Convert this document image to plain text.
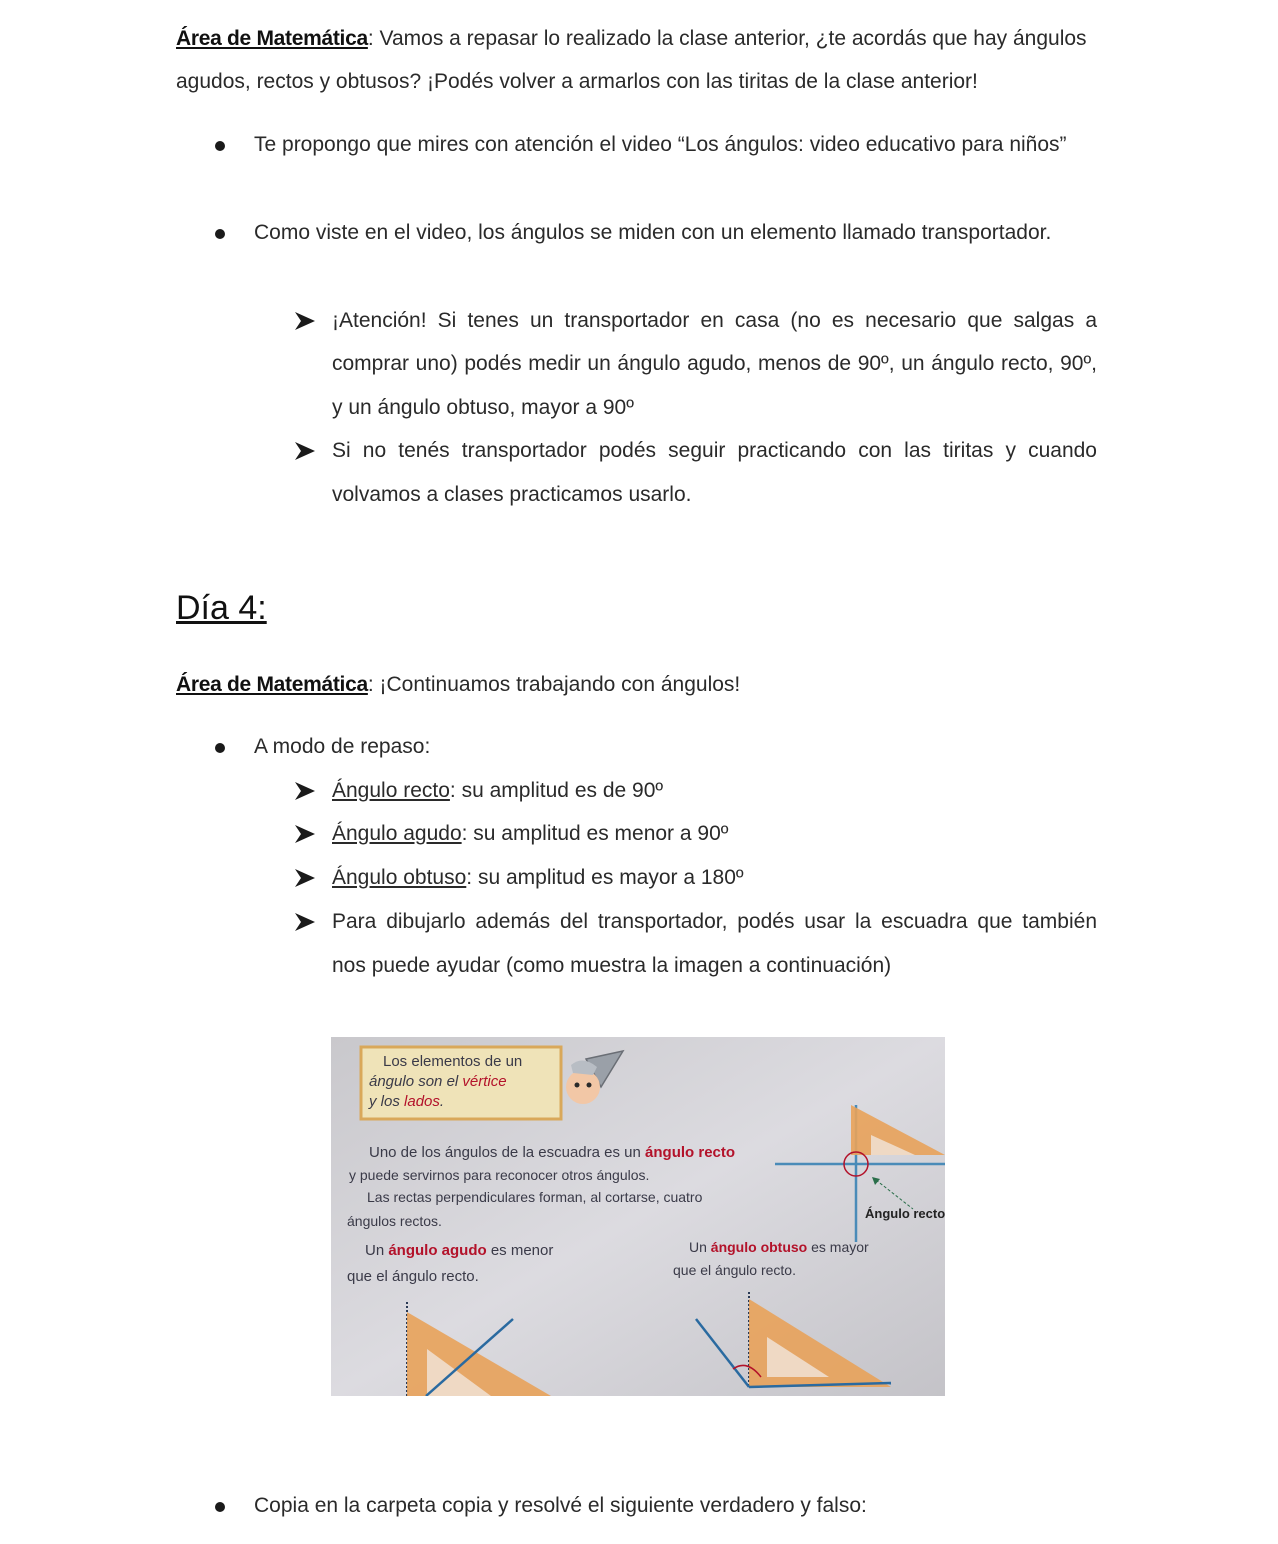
Área de Matemática: Vamos a repasar lo realizado la clase anterior, ¿te acordás que hay ángulos
agudos, rectos y obtusos? ¡Podés volver a armarlos con las tiritas de la clase anterior!
Te propongo que mires con atención el video “Los ángulos: video educativo para niños”
Como viste en el video, los ángulos se miden con un elemento llamado transportador.
¡Atención! Si tenes un transportador en casa (no es necesario que salgas a
comprar uno) podés medir un ángulo agudo, menos de 90º, un ángulo recto, 90º,
y un ángulo obtuso, mayor a 90º
Si no tenés transportador podés seguir practicando con las tiritas y cuando
volvamos a clases practicamos usarlo.
Día 4:
Área de Matemática: ¡Continuamos trabajando con ángulos!
A modo de repaso:
Ángulo recto: su amplitud es de 90º
Ángulo agudo: su amplitud es menor a 90º
Ángulo obtuso: su amplitud es mayor a 180º
Para dibujarlo además del transportador, podés usar la escuadra que también
nos puede ayudar (como muestra la imagen a continuación)
Los elementos de un
ángulo son el vértice
y los lados.
Uno de los ángulos de la escuadra es un ángulo recto
y puede servirnos para reconocer otros ángulos.
Las rectas perpendiculares forman, al cortarse, cuatro
ángulos rectos.	Ángulo recto
Un ángulo agudo es menor
que el ángulo recto.
Un ángulo obtuso es mayor
que el ángulo recto.
Copia en la carpeta copia y resolvé el siguiente verdadero y falso:
